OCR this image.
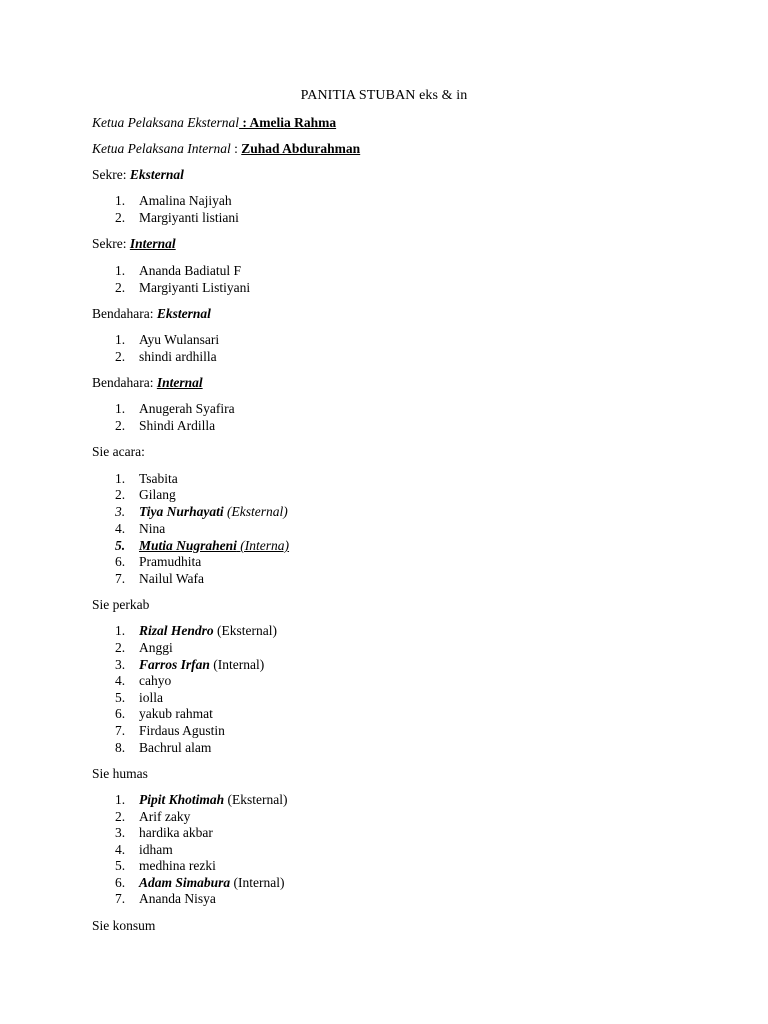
PANITIA STUBAN eks & in
Ketua Pelaksana Eksternal : Amelia Rahma
Ketua Pelaksana Internal : Zuhad Abdurahman
Sekre: Eksternal
1. Amalina Najiyah
2. Margiyanti listiani
Sekre: Internal
1. Ananda Badiatul F
2. Margiyanti Listiyani
Bendahara: Eksternal
1. Ayu Wulansari
2. shindi ardhilla
Bendahara: Internal
1. Anugerah Syafira
2. Shindi Ardilla
Sie acara:
1. Tsabita
2. Gilang
3. Tiya Nurhayati (Eksternal)
4. Nina
5. Mutia Nugraheni (Interna)
6. Pramudhita
7. Nailul Wafa
Sie perkab
1. Rizal Hendro (Eksternal)
2. Anggi
3. Farros Irfan (Internal)
4. cahyo
5. iolla
6. yakub rahmat
7. Firdaus Agustin
8. Bachrul alam
Sie humas
1. Pipit Khotimah (Eksternal)
2. Arif zaky
3. hardika akbar
4. idham
5. medhina rezki
6. Adam Simabura (Internal)
7. Ananda Nisya
Sie konsum
